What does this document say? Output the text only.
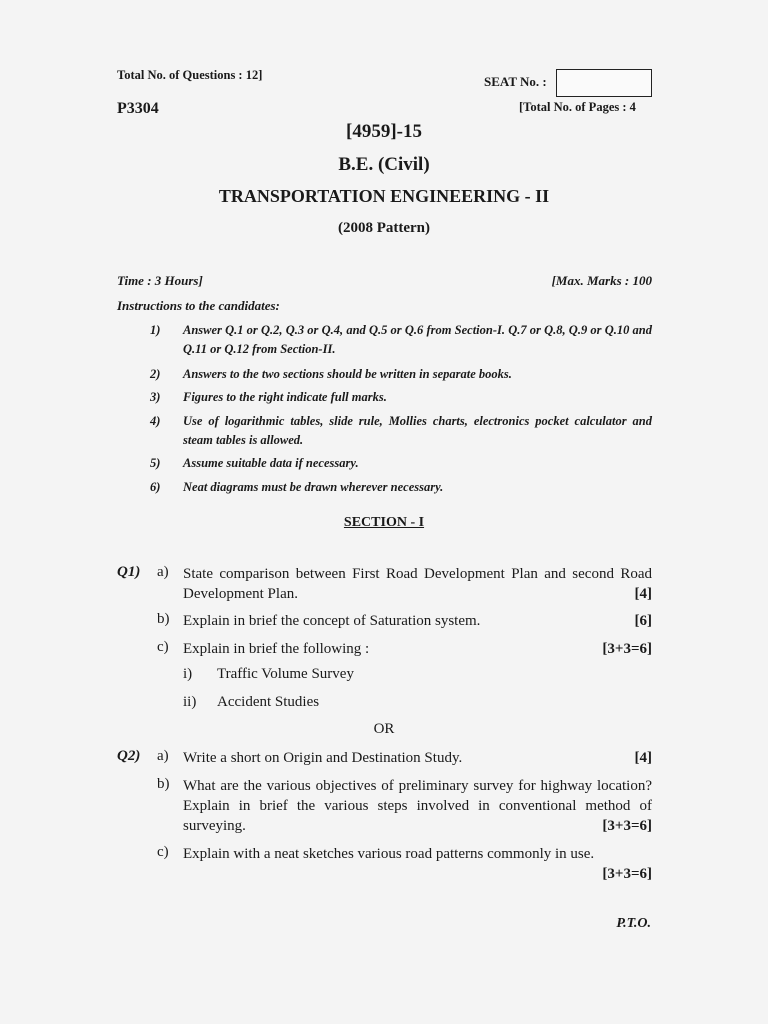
Total No. of Questions : 12]	SEAT No. :
P3304	[Total No. of Pages : 4
[4959]-15
B.E. (Civil)
TRANSPORTATION ENGINEERING - II
(2008 Pattern)
Time : 3 Hours]	[Max. Marks : 100
Instructions to the candidates:
1) Answer Q.1 or Q.2, Q.3 or Q.4, and Q.5 or Q.6 from Section-I. Q.7 or Q.8, Q.9 or Q.10 and Q.11 or Q.12 from Section-II.
2) Answers to the two sections should be written in separate books.
3) Figures to the right indicate full marks.
4) Use of logarithmic tables, slide rule, Mollies charts, electronics pocket calculator and steam tables is allowed.
5) Assume suitable data if necessary.
6) Neat diagrams must be drawn wherever necessary.
SECTION - I
Q1) a) State comparison between First Road Development Plan and second Road Development Plan.	[4]
b) Explain in brief the concept of Saturation system.	[6]
c) Explain in brief the following :	[3+3=6]
i) Traffic Volume Survey
ii) Accident Studies
OR
Q2) a) Write a short on Origin and Destination Study.	[4]
b) What are the various objectives of preliminary survey for highway location? Explain in brief the various steps involved in conventional method of surveying.	[3+3=6]
c) Explain with a neat sketches various road patterns commonly in use.
[3+3=6]
P.T.O.
